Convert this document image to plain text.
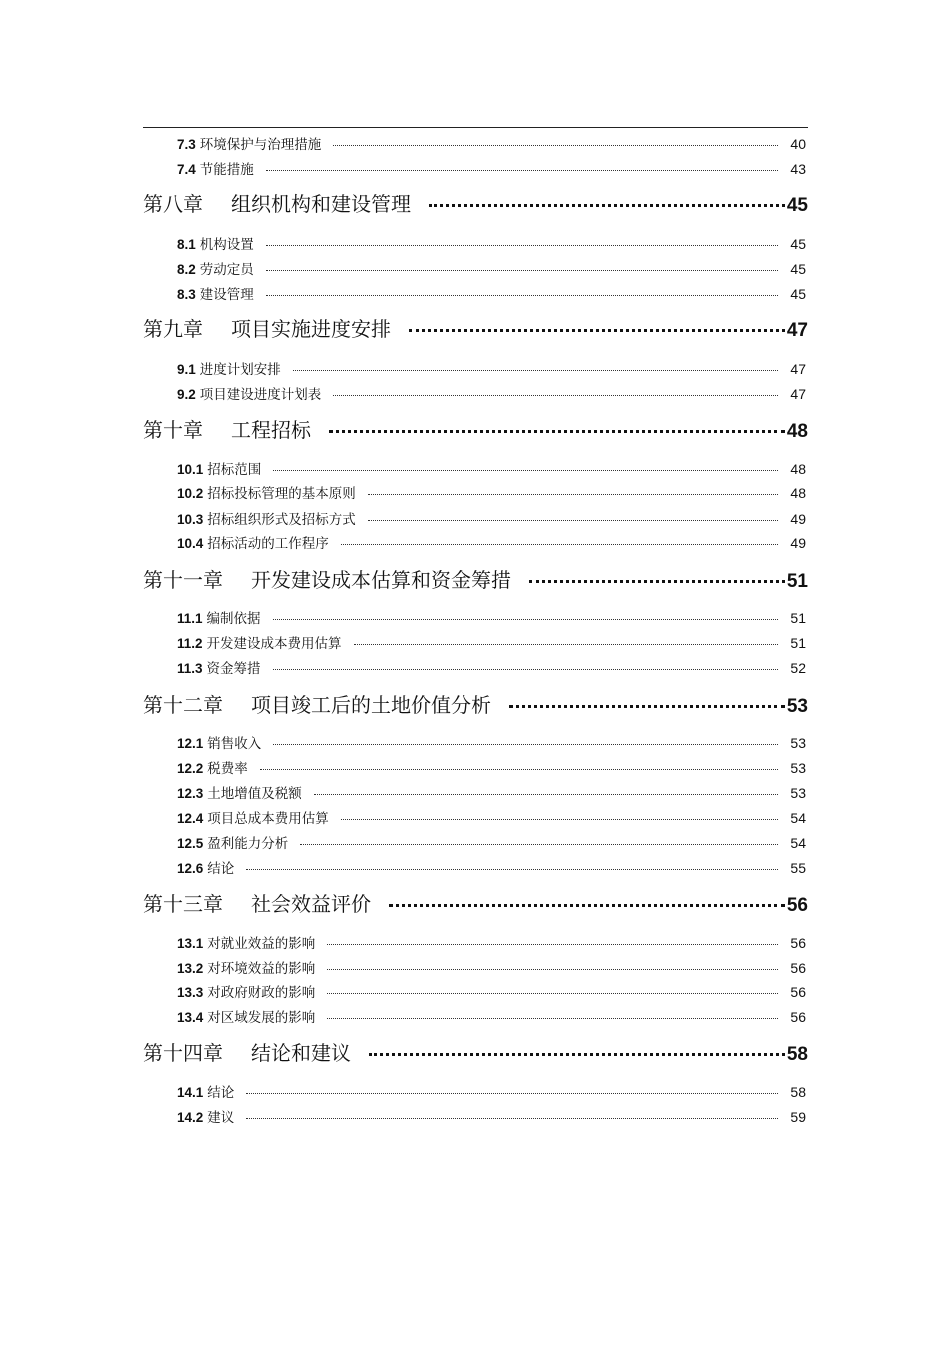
7.3 环境保护与治理措施	40
7.4 节能措施	43
第八章 组织机构和建设管理	45
8.1 机构设置	45
8.2 劳动定员	45
8.3 建设管理	45
第九章 项目实施进度安排	47
9.1 进度计划安排	47
9.2 项目建设进度计划表	47
第十章 工程招标	48
10.1 招标范围	48
10.2 招标投标管理的基本原则	48
10.3 招标组织形式及招标方式	49
10.4 招标活动的工作程序	49
第十一章 开发建设成本估算和资金筹措	51
11.1 编制依据	51
11.2 开发建设成本费用估算	51
11.3 资金筹措	52
第十二章 项目竣工后的土地价值分析	53
12.1 销售收入	53
12.2 税费率	53
12.3 土地增值及税额	53
12.4 项目总成本费用估算	54
12.5 盈利能力分析	54
12.6 结论	55
第十三章 社会效益评价	56
13.1 对就业效益的影响	56
13.2 对环境效益的影响	56
13.3 对政府财政的影响	56
13.4 对区域发展的影响	56
第十四章 结论和建议	58
14.1 结论	58
14.2 建议	59
